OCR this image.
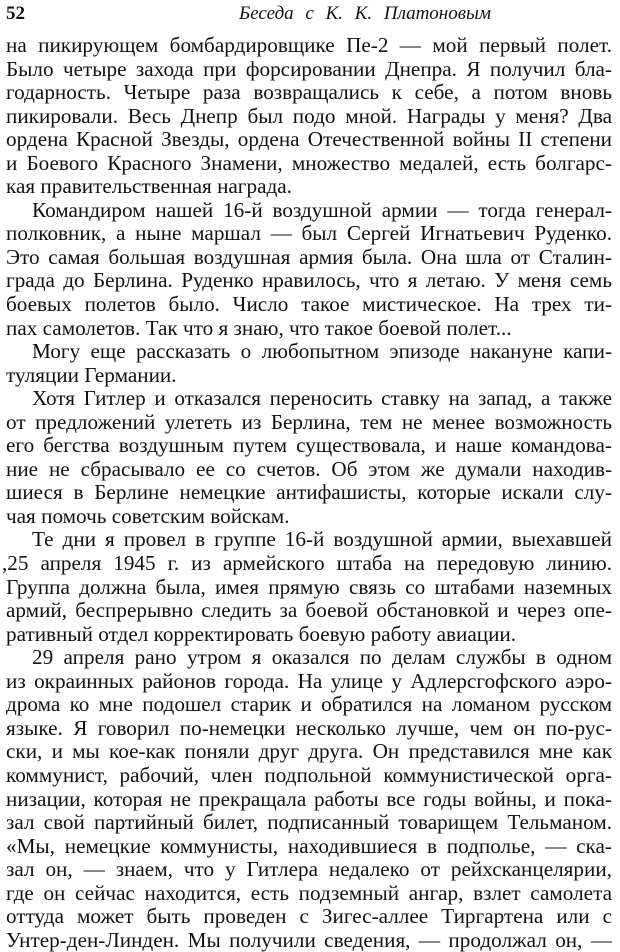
52	Беседа с К. К. Платоновым
на пикирующем бомбардировщике Пе-2 — мой первый полет.
Было четыре захода при форсировании Днепра. Я получил бла-
годарность. Четыре раза возвращались к себе, а потом вновь
пикировали. Весь Днепр был подо мной. Награды у меня? Два
ордена Красной Звезды, ордена Отечественной войны II степени
и Боевого Красного Знамени, множество медалей, есть болгарс-
кая правительственная награда.
Командиром нашей 16-й воздушной армии — тогда генерал-
полковник, а ныне маршал — был Сергей Игнатьевич Руденко.
Это самая большая воздушная армия была. Она шла от Сталин-
града до Берлина. Руденко нравилось, что я летаю. У меня семь
боевых полетов было. Число такое мистическое. На трех ти-
пах самолетов. Так что я знаю, что такое боевой полет...
Могу еще рассказать о любопытном эпизоде накануне капи-
туляции Германии.
Хотя Гитлер и отказался переносить ставку на запад, а также
от предложений улететь из Берлина, тем не менее возможность
его бегства воздушным путем существовала, и наше командова-
ние не сбрасывало ее со счетов. Об этом же думали находив-
шиеся в Берлине немецкие антифашисты, которые искали слу-
чая помочь советским войскам.
Те дни я провел в группе 16-й воздушной армии, выехавшей
,25 апреля 1945 г. из армейского штаба на передовую линию.
Группа должна была, имея прямую связь со штабами наземных
армий, беспрерывно следить за боевой обстановкой и через опе-
ративный отдел корректировать боевую работу авиации.
29 апреля рано утром я оказался по делам службы в одном
из окраинных районов города. На улице у Адлерсгофского аэро-
дрома ко мне подошел старик и обратился на ломаном русском
языке. Я говорил по-немецки несколько лучше, чем он по-рус-
ски, и мы кое-как поняли друг друга. Он представился мне как
коммунист, рабочий, член подпольной коммунистической орга-
низации, которая не прекращала работы все годы войны, и пока-
зал свой партийный билет, подписанный товарищем Тельманом.
«Мы, немецкие коммунисты, находившиеся в подполье, — ска-
зал он, — знаем, что у Гитлера недалеко от рейхсканцелярии,
где он сейчас находится, есть подземный ангар, взлет самолета
оттуда может быть проведен с Зигес-аллее Тиргартена или с
Унтер-ден-Линден. Мы получили сведения, — продолжал он, —
